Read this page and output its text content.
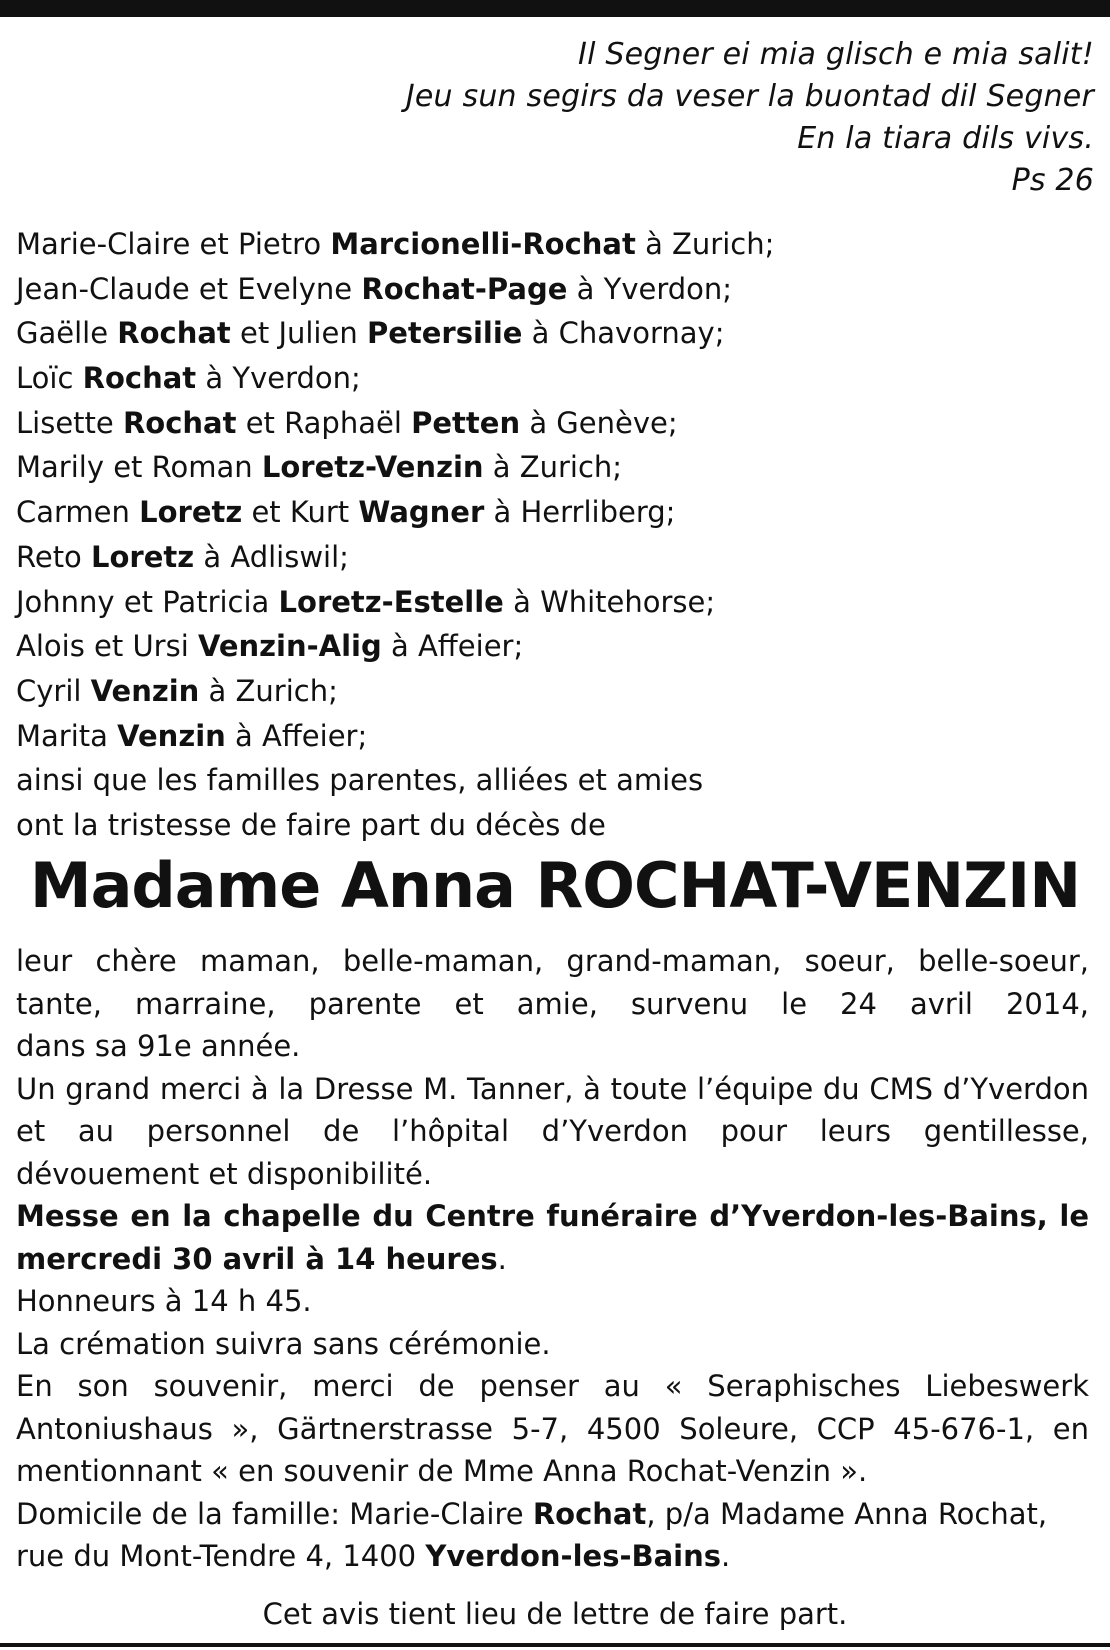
Il Segner ei mia glisch e mia salit!
Jeu sun segirs da veser la buontad dil Segner
En la tiara dils vivs.
Ps 26
Marie-Claire et Pietro Marcionelli-Rochat à Zurich;
Jean-Claude et Evelyne Rochat-Page à Yverdon;
Gaëlle Rochat et Julien Petersilie à Chavornay;
Loïc Rochat à Yverdon;
Lisette Rochat et Raphaël Petten à Genève;
Marily et Roman Loretz-Venzin à Zurich;
Carmen Loretz et Kurt Wagner à Herrliberg;
Reto Loretz à Adliswil;
Johnny et Patricia Loretz-Estelle à Whitehorse;
Alois et Ursi Venzin-Alig à Affeier;
Cyril Venzin à Zurich;
Marita Venzin à Affeier;
ainsi que les familles parentes, alliées et amies
ont la tristesse de faire part du décès de
Madame Anna ROCHAT-VENZIN

leur chère maman, belle-maman, grand-maman, soeur, belle-soeur,

tante, marraine, parente et amie, survenu le 24 avril 2014,

dans sa 91e année.

Un grand merci à la Dresse M. Tanner, à toute l’équipe du CMS d’Yverdon et au personnel de l’hôpital d’Yverdon pour leurs gentillesse, dévouement et disponibilité.

Messe en la chapelle du Centre funéraire d’Yverdon-les-Bains, le mercredi 30 avril à 14 heures.

Honneurs à 14 h 45.

La crémation suivra sans cérémonie.

En son souvenir, merci de penser au « Seraphisches Liebeswerk Antoniushaus », Gärtnerstrasse 5-7, 4500 Soleure, CCP 45-676-1, en mentionnant « en souvenir de Mme Anna Rochat-Venzin ».

Domicile de la famille: Marie-Claire Rochat, p/a Madame Anna Rochat,

rue du Mont-Tendre 4, 1400 Yverdon-les-Bains.

Cet avis tient lieu de lettre de faire part.
